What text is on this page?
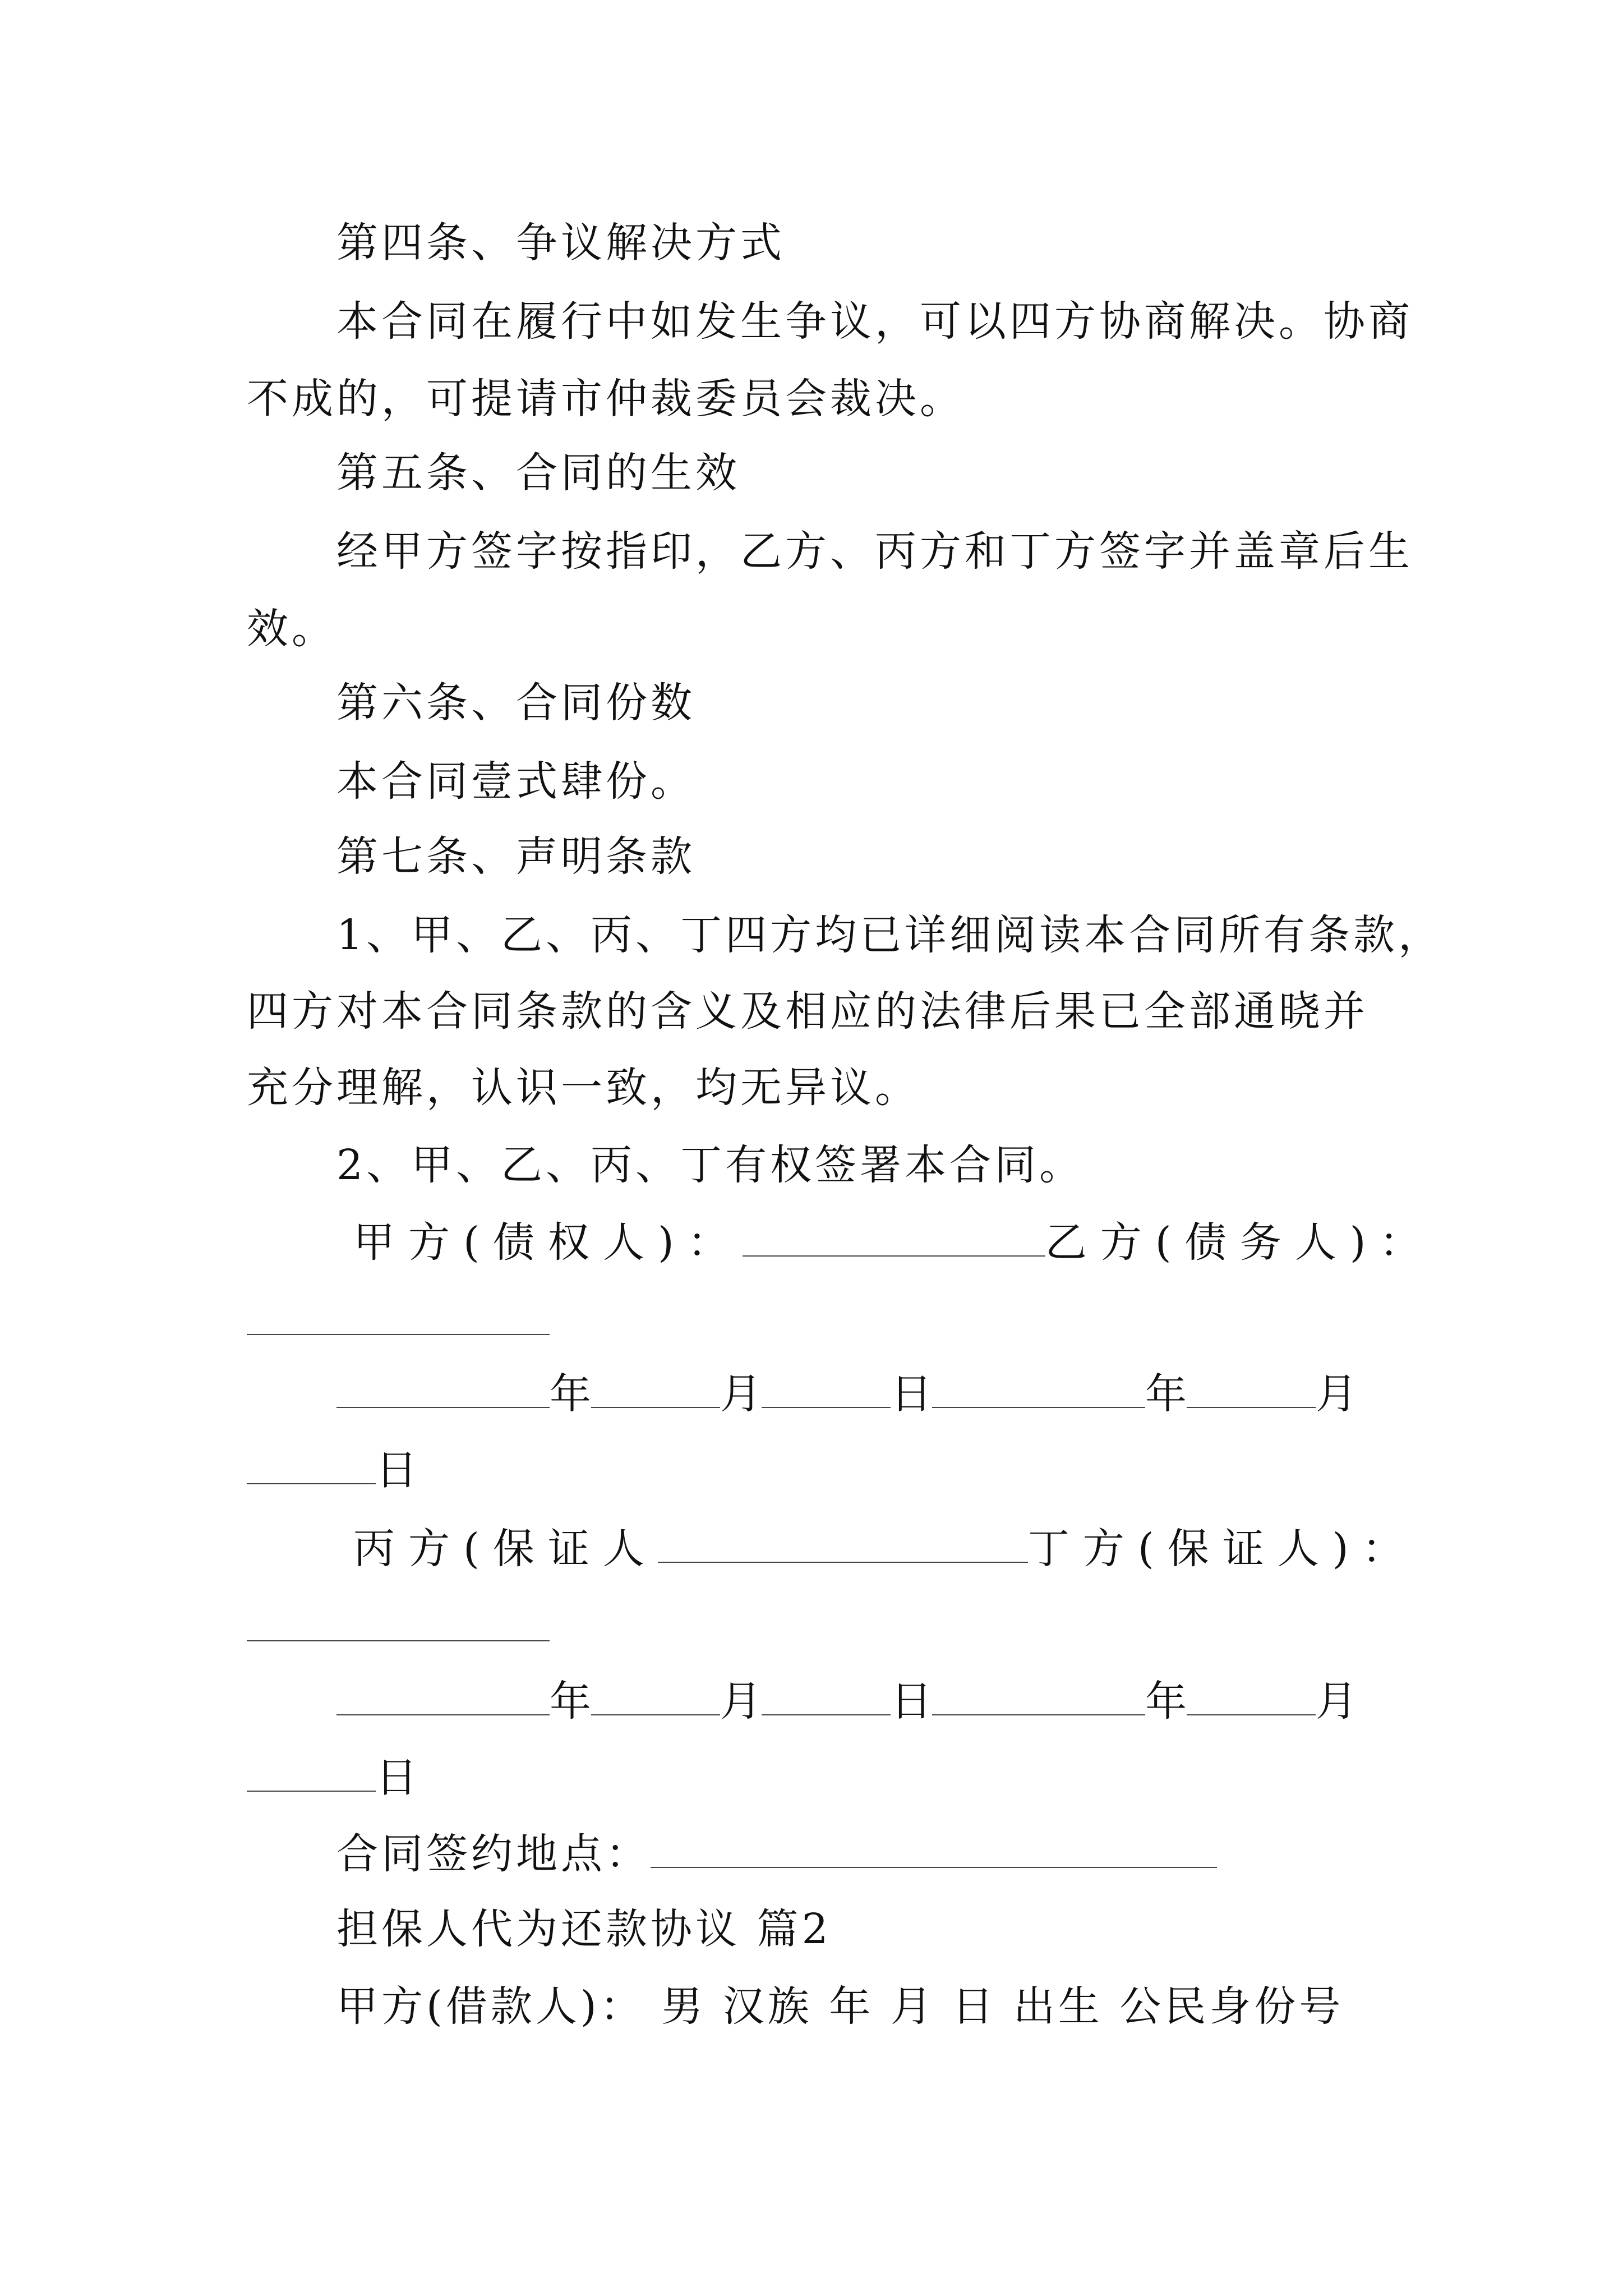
第四条、争议解决方式
本合同在履行中如发生争议，可以四方协商解决。协商
不成的，可提请市仲裁委员会裁决。
第五条、合同的生效
经甲方签字按指印，乙方、丙方和丁方签字并盖章后生
效。
第六条、合同份数
本合同壹式肆份。
第七条、声明条款
1、甲、乙、丙、丁四方均已详细阅读本合同所有条款，
四方对本合同条款的含义及相应的法律后果已全部通晓并
充分理解，认识一致，均无异议。
2、甲、乙、丙、丁有权签署本合同。
甲方(债权人)：	乙方(债务人)：
年	月	日	年	月
日
丙方(保证人	丁方(保证人)：
年	月	日	年	月
日
合同签约地点：
担保人代为还款协议 篇2
甲方(借款人)： 男 汉族 年 月 日 出生 公民身份号
